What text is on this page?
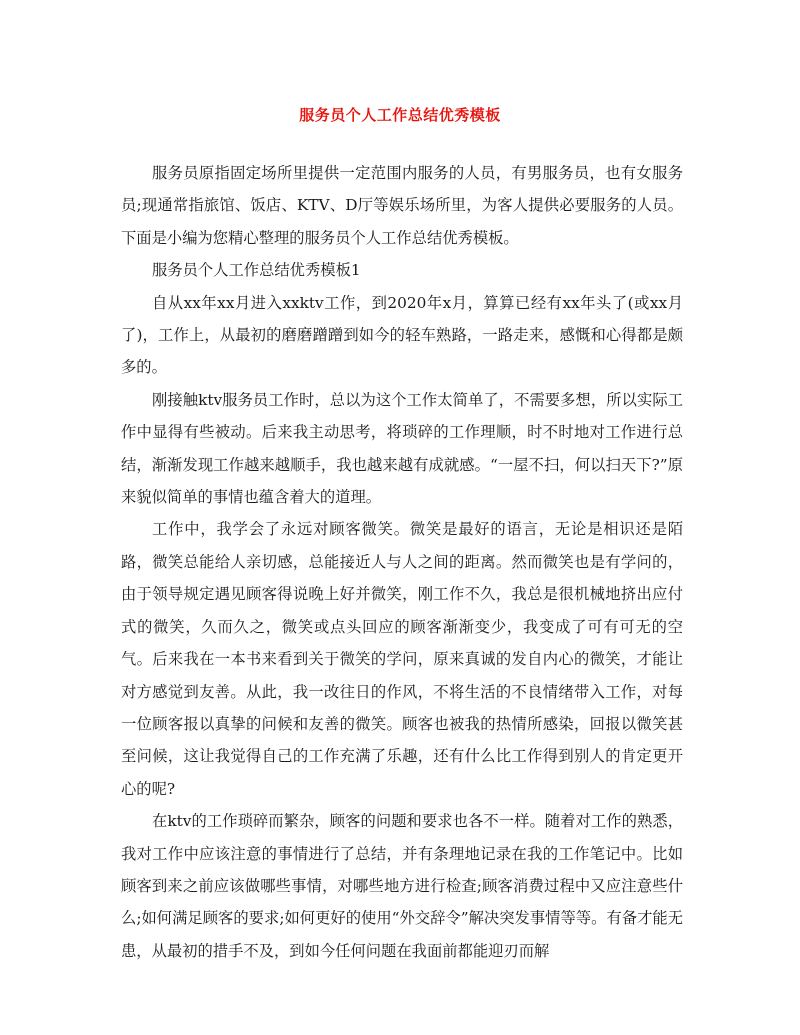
服务员个人工作总结优秀模板

服务员原指固定场所里提供一定范围内服务的人员，有男服务员，也有女服务员;现通常指旅馆、饭店、KTV、D厅等娱乐场所里，为客人提供必要服务的人员。下面是小编为您精心整理的服务员个人工作总结优秀模板。

服务员个人工作总结优秀模板1

自从xx年xx月进入xxktv工作，到2020年x月，算算已经有xx年头了(或xx月了)，工作上，从最初的磨磨蹭蹭到如今的轻车熟路，一路走来，感慨和心得都是颇多的。

刚接触ktv服务员工作时，总以为这个工作太简单了，不需要多想，所以实际工作中显得有些被动。后来我主动思考，将琐碎的工作理顺，时不时地对工作进行总结，渐渐发现工作越来越顺手，我也越来越有成就感。“一屋不扫，何以扫天下?”原来貌似简单的事情也蕴含着大的道理。

工作中，我学会了永远对顾客微笑。微笑是最好的语言，无论是相识还是陌路，微笑总能给人亲切感，总能接近人与人之间的距离。然而微笑也是有学问的，由于领导规定遇见顾客得说晚上好并微笑，刚工作不久，我总是很机械地挤出应付式的微笑，久而久之，微笑或点头回应的顾客渐渐变少，我变成了可有可无的空气。后来我在一本书来看到关于微笑的学问，原来真诚的发自内心的微笑，才能让对方感觉到友善。从此，我一改往日的作风，不将生活的不良情绪带入工作，对每一位顾客报以真挚的问候和友善的微笑。顾客也被我的热情所感染，回报以微笑甚至问候，这让我觉得自己的工作充满了乐趣，还有什么比工作得到别人的肯定更开心的呢?

在ktv的工作琐碎而繁杂，顾客的问题和要求也各不一样。随着对工作的熟悉，我对工作中应该注意的事情进行了总结，并有条理地记录在我的工作笔记中。比如顾客到来之前应该做哪些事情，对哪些地方进行检查;顾客消费过程中又应注意些什么;如何满足顾客的要求;如何更好的使用“外交辞令”解决突发事情等等。有备才能无患，从最初的措手不及，到如今任何问题在我面前都能迎刃而解
